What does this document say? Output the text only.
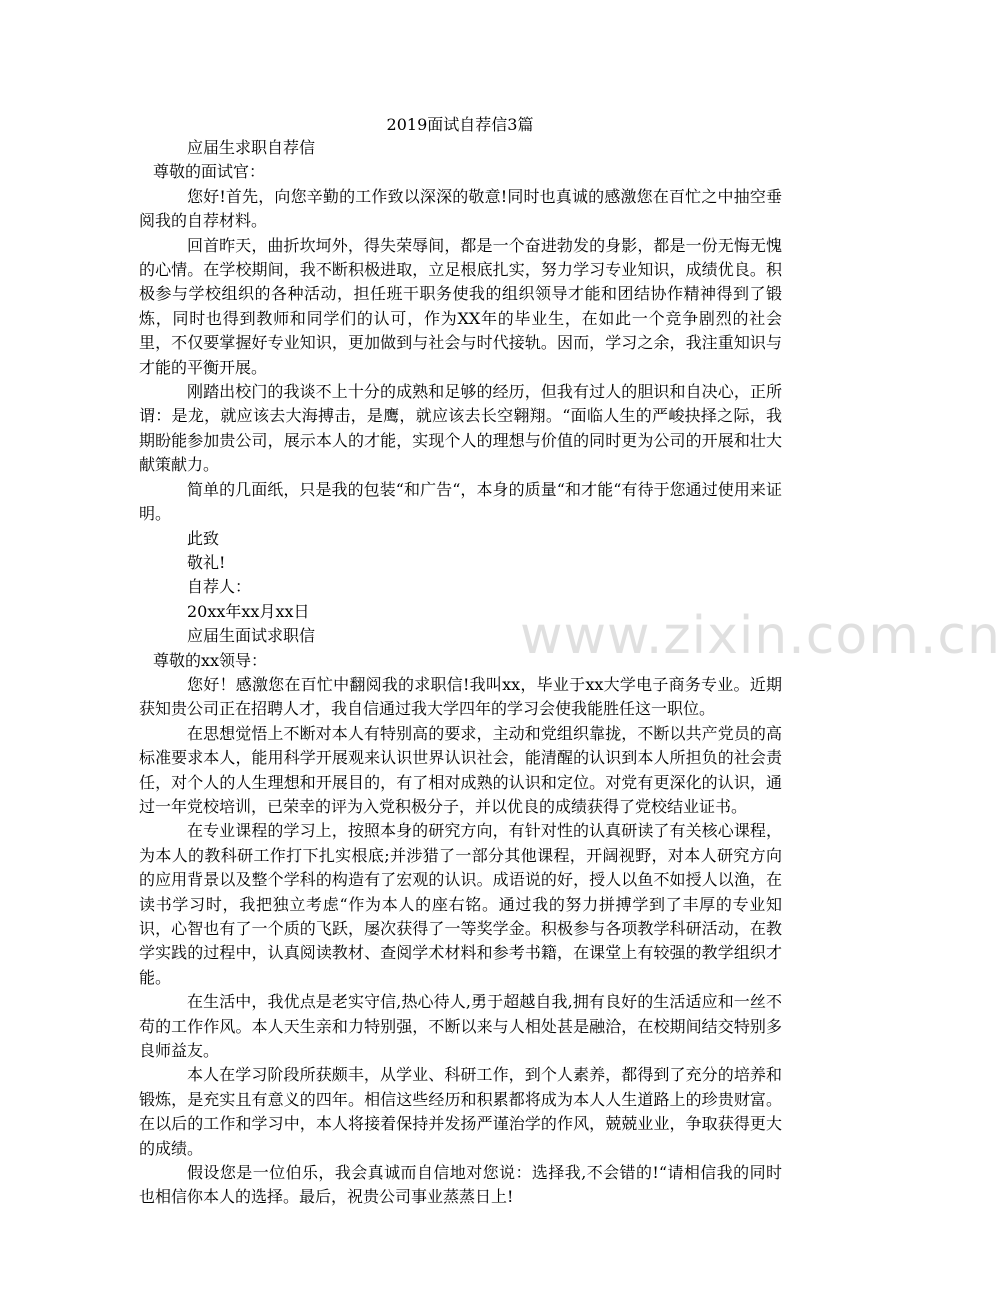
2019面试自荐信3篇

应届生求职自荐信

尊敬的面试官：

您好!首先，向您辛勤的工作致以深深的敬意!同时也真诚的感激您在百忙之中抽空垂阅我的自荐材料。

回首昨天，曲折坎坷外，得失荣辱间，都是一个奋进勃发的身影，都是一份无悔无愧的心情。在学校期间，我不断积极进取，立足根底扎实，努力学习专业知识，成绩优良。积极参与学校组织的各种活动，担任班干职务使我的组织领导才能和团结协作精神得到了锻炼，同时也得到教师和同学们的认可，作为XX年的毕业生，在如此一个竞争剧烈的社会里，不仅要掌握好专业知识，更加做到与社会与时代接轨。因而，学习之余，我注重知识与才能的平衡开展。

刚踏出校门的我谈不上十分的成熟和足够的经历，但我有过人的胆识和自决心，正所谓：是龙，就应该去大海搏击，是鹰，就应该去长空翱翔。“面临人生的严峻抉择之际，我期盼能参加贵公司，展示本人的才能，实现个人的理想与价值的同时更为公司的开展和壮大献策献力。

简单的几面纸，只是我的包装“和广告“，本身的质量“和才能“有待于您通过使用来证明。

此致

敬礼!

自荐人：

20xx年xx月xx日

应届生面试求职信

尊敬的xx领导：

您好！感激您在百忙中翻阅我的求职信!我叫xx，毕业于xx大学电子商务专业。近期获知贵公司正在招聘人才，我自信通过我大学四年的学习会使我能胜任这一职位。

在思想觉悟上不断对本人有特别高的要求，主动和党组织靠拢，不断以共产党员的高标准要求本人，能用科学开展观来认识世界认识社会，能清醒的认识到本人所担负的社会责任，对个人的人生理想和开展目的，有了相对成熟的认识和定位。对党有更深化的认识，通过一年党校培训，已荣幸的评为入党积极分子，并以优良的成绩获得了党校结业证书。

在专业课程的学习上，按照本身的研究方向，有针对性的认真研读了有关核心课程，为本人的教科研工作打下扎实根底;并涉猎了一部分其他课程，开阔视野，对本人研究方向的应用背景以及整个学科的构造有了宏观的认识。成语说的好，授人以鱼不如授人以渔，在读书学习时，我把独立考虑“作为本人的座右铭。通过我的努力拼搏学到了丰厚的专业知识，心智也有了一个质的飞跃，屡次获得了一等奖学金。积极参与各项教学科研活动，在教学实践的过程中，认真阅读教材、查阅学术材料和参考书籍，在课堂上有较强的教学组织才能。

在生活中，我优点是老实守信,热心待人,勇于超越自我,拥有良好的生活适应和一丝不苟的工作作风。本人天生亲和力特别强，不断以来与人相处甚是融洽，在校期间结交特别多良师益友。

本人在学习阶段所获颇丰，从学业、科研工作，到个人素养，都得到了充分的培养和锻炼，是充实且有意义的四年。相信这些经历和积累都将成为本人人生道路上的珍贵财富。在以后的工作和学习中，本人将接着保持并发扬严谨治学的作风，兢兢业业，争取获得更大的成绩。

假设您是一位伯乐，我会真诚而自信地对您说：选择我,不会错的!“请相信我的同时也相信你本人的选择。最后，祝贵公司事业蒸蒸日上!

www.zixin.com.cn
